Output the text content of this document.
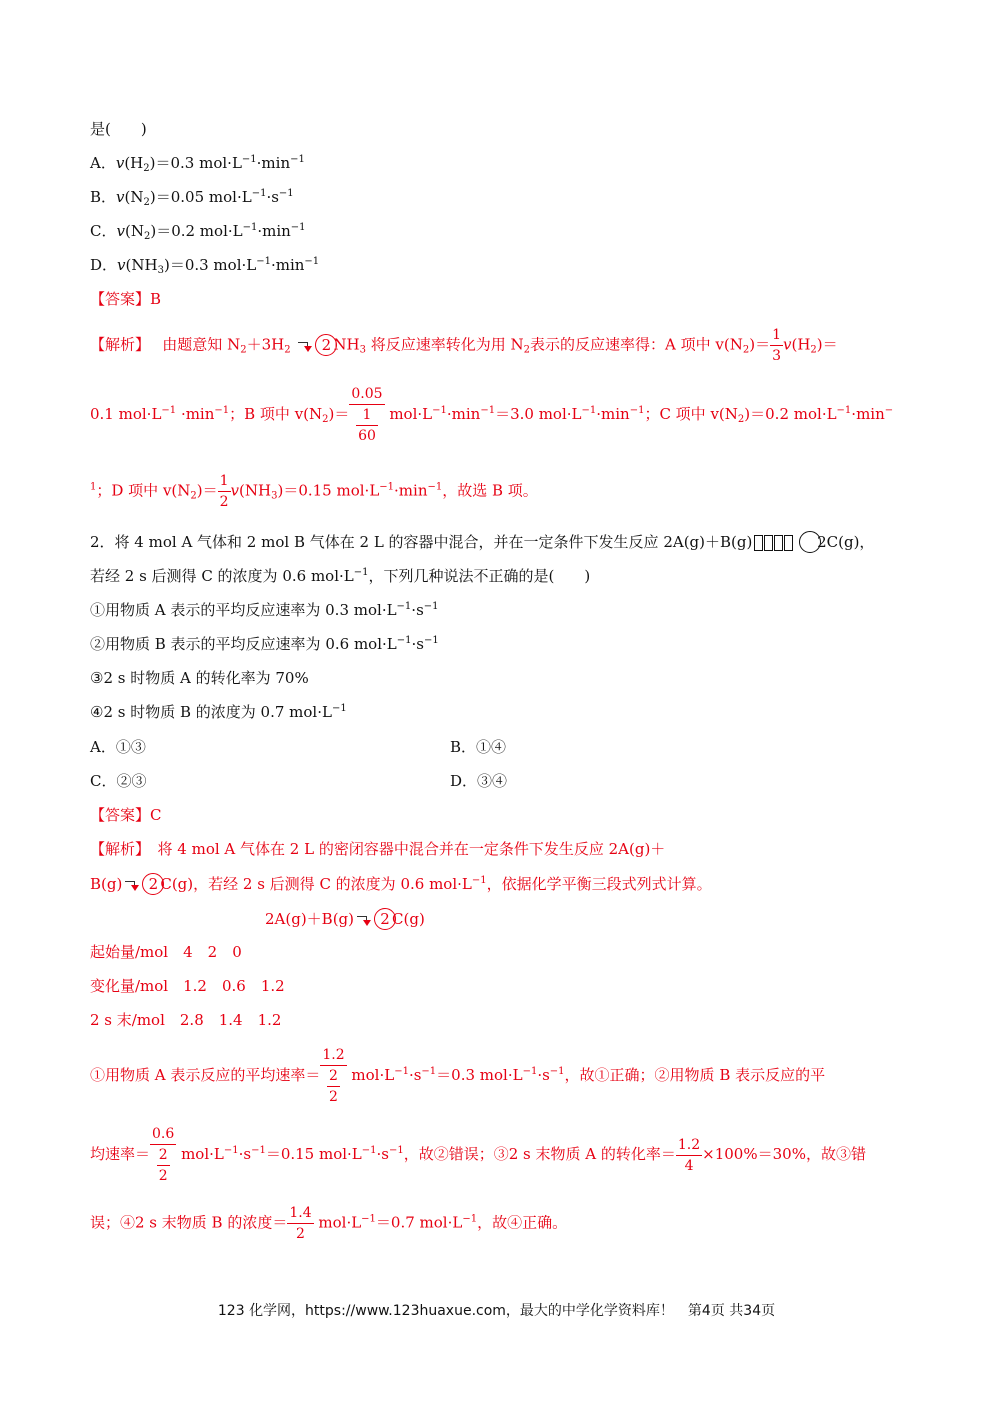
是(　　)
A．$v(H_2)=0.3$ $mol\cdot L^{-1}\cdot\min^{-1}$
B．$v(N_2)=0.05$ $mol\cdot L^{-1}\cdot s^{-1}$
C．$v(N_2)=0.2$ $mol\cdot L^{-1}\cdot\min^{-1}$
D．$v(NH_3)=0.3$ $mol\cdot L^{-1}\cdot\min^{-1}$
【答案】B
【解析】　 由题意知 $N_2+3H_2$ 2 $NH_3$ 将反应速率转化为用 $N_2$表示的反应速率得：A 项中 $v(N_2)= \frac{1}{3} v(H_2)=$
0.1 $mol\cdot L^{-1} \cdot\min^{-1}$；B 项中 $v(N_2)= \frac{0.05}{\frac{1}{60}} mol\cdot L^{-1}\cdot\min^{-1}=3.0$ $mol\cdot L^{-1}\cdot\min^{-1}$；C 项中 $v(N_2)=0.2$ $mol\cdot L^{-1}\cdot\min^-$
$^1$；D 项中 $v(N_2)= \frac{1}{2} v(NH_3)=0.15$ $mol\cdot L^{-1}\cdot\min^{-1}$，故选 B 项。
2．将 4 mol A 气体和 2 mol B 气体在 2 L 的容器中混合，并在一定条件下发生反应 2A(g)＋B(g)	2C(g)，
若经 2 s 后测得 C 的浓度为 0.6 $mol\cdot L^{-1}$，下列几种说法不正确的是(　　)
①用物质 A 表示的平均反应速率为 0.3 $mol\cdot L^{-1}\cdot s^{-1}$
②用物质 B 表示的平均反应速率为 0.6 $mol\cdot L^{-1}\cdot s^{-1}$
③2 s 时物质 A 的转化率为 70%
④2 s 时物质 B 的浓度为 0.7 $mol\cdot L^{-1}$
A．①③	B．①④
C．②③	D．③④
【答案】C
【解析】　 将 4 mol A 气体在 2 L 的密闭容器中混合并在一定条件下发生反应 2A(g)＋
B(g) 2 C(g)，若经 2 s 后测得 C 的浓度为 0.6 $mol\cdot L^{-1}$，依据化学平衡三段式列式计算。
2A(g)＋B(g) 2 C(g)
起始量/mol　4　2　0
变化量/mol　1.2　0.6　1.2
2 s 末/mol　2.8　1.4　1.2
①用物质 A 表示反应的平均速率＝ $\frac{1.2}{\frac{2}{2}} mol\cdot L^{-1}\cdot s^{-1}=0.3$ $mol\cdot L^{-1}\cdot s^{-1}$，故①正确；②用物质 B 表示反应的平
均速率＝ $\frac{0.6}{\frac{2}{2}} mol\cdot L^{-1}\cdot s^{-1}=0.15$ $mol\cdot L^{-1}\cdot s^{-1}$，故②错误；③2 s 末物质 A 的转化率＝ $\frac{1.2}{4} \times 100\%=30\%$，故③错
误；④2 s 末物质 B 的浓度＝ $\frac{1.4}{2} mol\cdot L^{-1}=0.7$ $mol\cdot L^{-1}$，故④正确。
123 化学网，https://www.123huaxue.com，最大的中学化学资料库！　第4页 共34页
